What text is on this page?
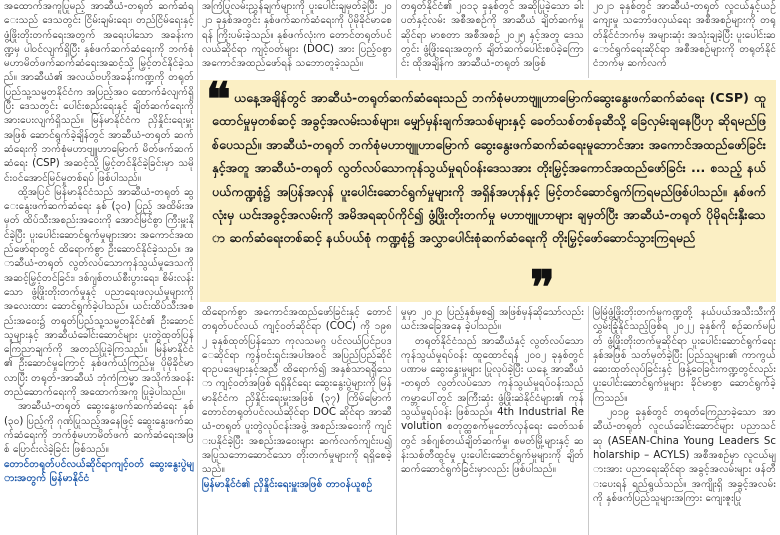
အထောက်အကူပြုမည့် အာဆီယံ-တရုတ် ဆက်ဆံရေးသည် ဒေသတွင်း ငြိမ်းချမ်းရေး၊ တည်ငြိမ်ရေးနှင့် ဖွံ့ဖြိုးတိုးတက်ရေးအတွက် အရေးပါသော အခန်းကဏ္ဍမှ ပါဝင်လျက်ရှိပြီး နှစ်ဖက်ဆက်ဆံရေးကို ဘက်စုံမဟာမိတ်ဖက်ဆက်ဆံရေးအဆင့်သို့ မြှင့်တင်နိုင်ခဲ့သည်။ အာဆီယံ၏ အလယ်ဗဟိုအခန်းကဏ္ဍကို တရုတ်ပြည်သူ့သမ္မတနိုင်ငံက အပြည့်အဝ ထောက်ခံလျက်ရှိပြီး ဒေသတွင်း ပေါင်းစည်းရေးနှင့် ချိတ်ဆက်ရေးကို အားပေးလျက်ရှိသည်။ မြန်မာနိုင်ငံက ညှိနှိုင်းရေးမှူးအဖြစ် ဆောင်ရွက်ခဲ့ချိန်တွင် အာဆီယံ-တရုတ် ဆက်ဆံရေးကို ဘက်စုံမဟာဗျူဟာမြောက် မိတ်ဖက်ဆက်ဆံရေး (CSP) အဆင့်သို့ မြှင့်တင်နိုင်ခဲ့ခြင်းမှာ သမိုင်းဝင်အောင်မြင်မှုတစ်ရပ် ဖြစ်ပါသည်။

ထို့အပြင် မြန်မာနိုင်ငံသည် အာဆီယံ-တရုတ် ဆွေးနွေးဖက်ဆက်ဆံရေး နှစ် (၃၀) ပြည့် အထိမ်းအမှတ် ထိပ်သီးအစည်းအဝေးကို အောင်မြင်စွာ ကြီးမှူးနိုင်ခဲ့ပြီး ပူးပေါင်းဆောင်ရွက်မှုများအား အကောင်အထည်ဖော်ရာတွင် ထိရောက်စွာ ဦးဆောင်နိုင်ခဲ့သည်။ အာဆီယံ-တရုတ် လွတ်လပ်သောကုန်သွယ်မှုဒေသကို အဆင့်မြှင့်တင်ခြင်း၊ ဒစ်ဂျစ်တယ်စီးပွားရေး၊ စိမ်းလန်းသော ဖွံ့ဖြိုးတိုးတက်မှုနှင့် ပညာရေးဖလှယ်မှုများကို အလေးထား ဆောင်ရွက်ခဲ့ပါသည်။ ယင်းထိပ်သီးအစည်းအဝေး၌ တရုတ်ပြည်သူ့သမ္မတနိုင်ငံ၏ ဦးဆောင်သူများနှင့် အာဆီယံခေါင်းဆောင်များ ပူးတွဲထုတ်ပြန်ကြေညာချက်ကို အတည်ပြုခဲ့ကြသည်။ မြန်မာနိုင်ငံ၏ ဦးဆောင်မှုကြောင့် နှစ်ဖက်ယုံကြည်မှု ပိုမိုခိုင်မာလာပြီး တရုတ်-အာဆီယံ ဘုံကံကြမ္မာ အသိုက်အဝန်း တည်ဆောက်ရေးကို အထောက်အကူ ပြုခဲ့ပါသည်။

အာဆီယံ-တရုတ် ဆွေးနွေးဖက်ဆက်ဆံရေး နှစ် (၃၀) ပြည့်ကို ဂုဏ်ပြုသည့်အနေဖြင့် ဆွေးနွေးဖက်ဆက်ဆံရေးကို ဘက်စုံမဟာမိတ်ဖက် ဆက်ဆံရေးအဖြစ် ပြောင်းလဲခဲ့ခြင်း ဖြစ်သည်။

တောင်တရုတ်ပင်လယ်ဆိုင်ရာကျင့်ဝတ် ဆွေးနွေးပွဲများအတွက် မြန်မာနိုင်ငံ

အကြံပြုလမ်းညွှန်ချက်များကို ပူးပေါင်းချမှတ်ခဲ့ပြီး ၂၀၂၁ ခုနှစ်အတွင်း နှစ်ဖက်ဆက်ဆံရေးကို ပိုမိုခိုင်မာစေရန် ကြိုးပမ်းခဲ့သည်။ နှစ်ဖက်လုံးက တောင်တရုတ်ပင်လယ်ဆိုင်ရာ ကျင့်ဝတ်များ (DOC) အား ပြည့်ဝစွာ အကောင်အထည်ဖော်ရန် သဘောတူခဲ့သည်။

တရုတ်နိုင်ငံ၏ ၂၀၁၃ ခုနှစ်တွင် အဆိုပြုခဲ့သော ခါးပတ်နှင့်လမ်း အစီအစဉ်ကို အာဆီယံ ချိတ်ဆက်မှုဆိုင်ရာ မာစတာ အစီအစဉ် ၂၀၂၅ နှင့်အတူ ဒေသတွင်း ဖွံ့ဖြိုးရေးအတွက် ချိတ်ဆက်ပေါင်းစပ်ခဲ့ကြောင်း ထိုအချိန်က အာဆီယံ-တရုတ် အဖြစ်

၂၀၂၁ ခုနှစ်တွင် အာဆီယံ-တရုတ် လူငယ်နှင့်ယဉ်ကျေးမှု သဘော်ဖလှယ်ရေး အစီအစဉ်များကို တရုတ်နိုင်ငံဘက်မှ အများဆုံး အသုံးချခဲ့ပြီး ပူးပေါင်းဆောင်ရွက်ရေးဆိုင်ရာ အစီအစဉ်များကို တရုတ်နိုင်ငံဘက်မှ ဆက်လက်

❝ ယနေ့အချိန်တွင် အာဆီယံ-တရုတ်ဆက်ဆံရေးသည် ဘက်စုံမဟာဗျူဟာမြောက်ဆွေးနွေးဖက်ဆက်ဆံရေး (CSP) ထူထောင်မှုမှတစ်ဆင့် အခွင့်အလမ်းသစ်များ၊ မျှော်မှန်းချက်အသစ်များနှင့် ခေတ်သစ်တစ်ခုဆီသို့ ခြေလှမ်းချနေပြီဟု ဆိုရမည်ဖြစ်ပေသည်။ အာဆီယံ-တရုတ် ဘက်စုံမဟာဗျူဟာမြောက် ဆွေးနွေးဖက်ဆက်ဆံရေးမူဘောင်အား အကောင်အထည်ဖော်ခြင်းနှင့်အတူ အာဆီယံ-တရုတ် လွတ်လပ်သောကုန်သွယ်မှုရပ်ဝန်းဒေသအား တိုးမြှင့်အကောင်အထည်ဖော်ခြင်း ... စသည့် နယ်ပယ်ကဏ္ဍစုံ၌ အပြန်အလှန် ပူးပေါင်းဆောင်ရွက်မှုများကို အရှိန်အဟုန်နှင့် မြင့်တင်ဆောင်ရွက်ကြရမည်ဖြစ်ပါသည်။ နှစ်ဖက်လုံးမှ ယင်းအခွင့်အလမ်းကို အမိအရဆုပ်ကိုင်၍ ဖွံ့ဖြိုးတိုးတက်မှု မဟာဗျူဟာများ ချမှတ်ပြီး အာဆီယံ-တရုတ် ပိုမိုရင်းနှီးသော ဆက်ဆံရေးတစ်ဆင့် နယ်ပယ်စုံ ကဏ္ဍစုံ၌ အလွှာပေါင်းစုံဆက်ဆံရေးကို တိုးမြှင့်ဖော်ဆောင်သွားကြရမည်

❞

ထိရောက်စွာ အကောင်အထည်ဖော်ခြင်းနှင့် တောင်တရုတ်ပင်လယ် ကျင့်ဝတ်ဆိုင်ရာ (COC) ကို ၁၉၈၂ ခုနှစ်ထုတ်ပြန်သော ကုလသမဂ္ဂ ပင်လယ်ပြင်ဥပဒေဆိုင်ရာ ကွန်ဗင်းရှင်းအပါအဝင် အပြည်ပြည်ဆိုင်ရာဥပဒေများနှင့်အညီ ထိရောက်၍ အနှစ်သာရရှိသော ကျင့်ဝတ်အဖြစ် ရရှိနိုင်ရေး ဆွေးနွေးပွဲများကို မြန်မာနိုင်ငံက ညှိနှိုင်းရေးမှူးအဖြစ် (၃၇) ကြိမ်မြောက် တောင်တရုတ်ပင်လယ်ဆိုင်ရာ DOC ဆိုင်ရာ အာဆီယံ-တရုတ် ပူးတွဲလုပ်ငန်းအဖွဲ့ အစည်းအဝေးကို ကျင်းပနိုင်ခဲ့ပြီး အစည်းအဝေးများ ဆက်လက်ကျင်းပ၍ အပြုသဘောဆောင်သော တိုးတက်မှုများကို ရရှိစေခဲ့သည်။

မြန်မာနိုင်ငံ၏ ညှိနှိုင်းရေးမှူးအဖြစ် တာဝန်ယူစဉ်

မှုမှာ ၂၀၂၀ ပြည့်နှစ်မှစ၍ အဖြစ်မှန်ဆိုသော်လည်း ယင်းအခြေအနေ ခဲ့ပါသည်။

တရုတ်နိုင်ငံသည် အာဆီယံနှင့် လွတ်လပ်သော ကုန်သွယ်မှုရပ်ဝန်း ထူထောင်ရန် ၂၀၀၂ ခုနှစ်တွင် ပဏာမ ဆွေးနွေးမှုများ ပြုလုပ်ခဲ့ပြီး ယနေ့ အာဆီယံ-တရုတ် လွတ်လပ်သော ကုန်သွယ်မှုရပ်ဝန်းသည် ကမ္ဘာပေါ်တွင် အကြီးဆုံး ဖွံ့ဖြိုးဆဲနိုင်ငံများ၏ ကုန်သွယ်မှုရပ်ဝန်း ဖြစ်သည်။ 4th Industrial Revolution စတုတ္ထစက်မှုတော်လှန်ရေး ခေတ်သစ်တွင် ဒစ်ဂျစ်တယ်ချိတ်ဆက်မှု၊ စမတ်မြို့များနှင့် ဆန်းသစ်တီထွင်မှု ပူးပေါင်းဆောင်ရွက်မှုများကို ချိတ်ဆက်ဆောင်ရွက်ခြင်းမှာလည်း ဖြစ်ပါသည်။

မြဲမြံဖွံ့ဖြိုးတိုးတက်မှုကဏ္ဍတို့ နယ်ပယ်အသီးသီးကို လွှမ်းခြုံနိုင်သည့်ဖြစ်ရ ၂၀၂၂ ခုနှစ်ကို စဉ်ဆက်မပြတ် ဖွံ့ဖြိုးတိုးတက်မှုဆိုင်ရာ ပူးပေါင်းဆောင်ရွက်ရေးနှစ်အဖြစ် သတ်မှတ်ခဲ့ပြီး ပြည်သူများ၏ ကာကွယ်ဆေးထုတ်လုပ်ခြင်းနှင့် ဖြန့်ဝေခြင်းကဏ္ဍတွင်လည်း ပူးပေါင်းဆောင်ရွက်မှုများ ခိုင်မာစွာ ဆောင်ရွက်ခဲ့ကြသည်။

၂၀၁၉ ခုနှစ်တွင် တရုတ်ကြေညာခဲ့သော အာဆီယံ-တရုတ် လူငယ်ခေါင်းဆောင်များ ပညာသင်ဆု (ASEAN-China Young Leaders Scholarship – ACYLS) အစီအစဉ်မှာ လူငယ်များအား ပညာရေးဆိုင်ရာ အခွင့်အလမ်းများ ဖန်တီးပေးရန် ရည်ရွယ်သည်။ အကျိုးရှိ အခွင့်အလမ်းကို နှစ်ဖက်ပြည်သူများအကြား ကျေးဇူးပြု
